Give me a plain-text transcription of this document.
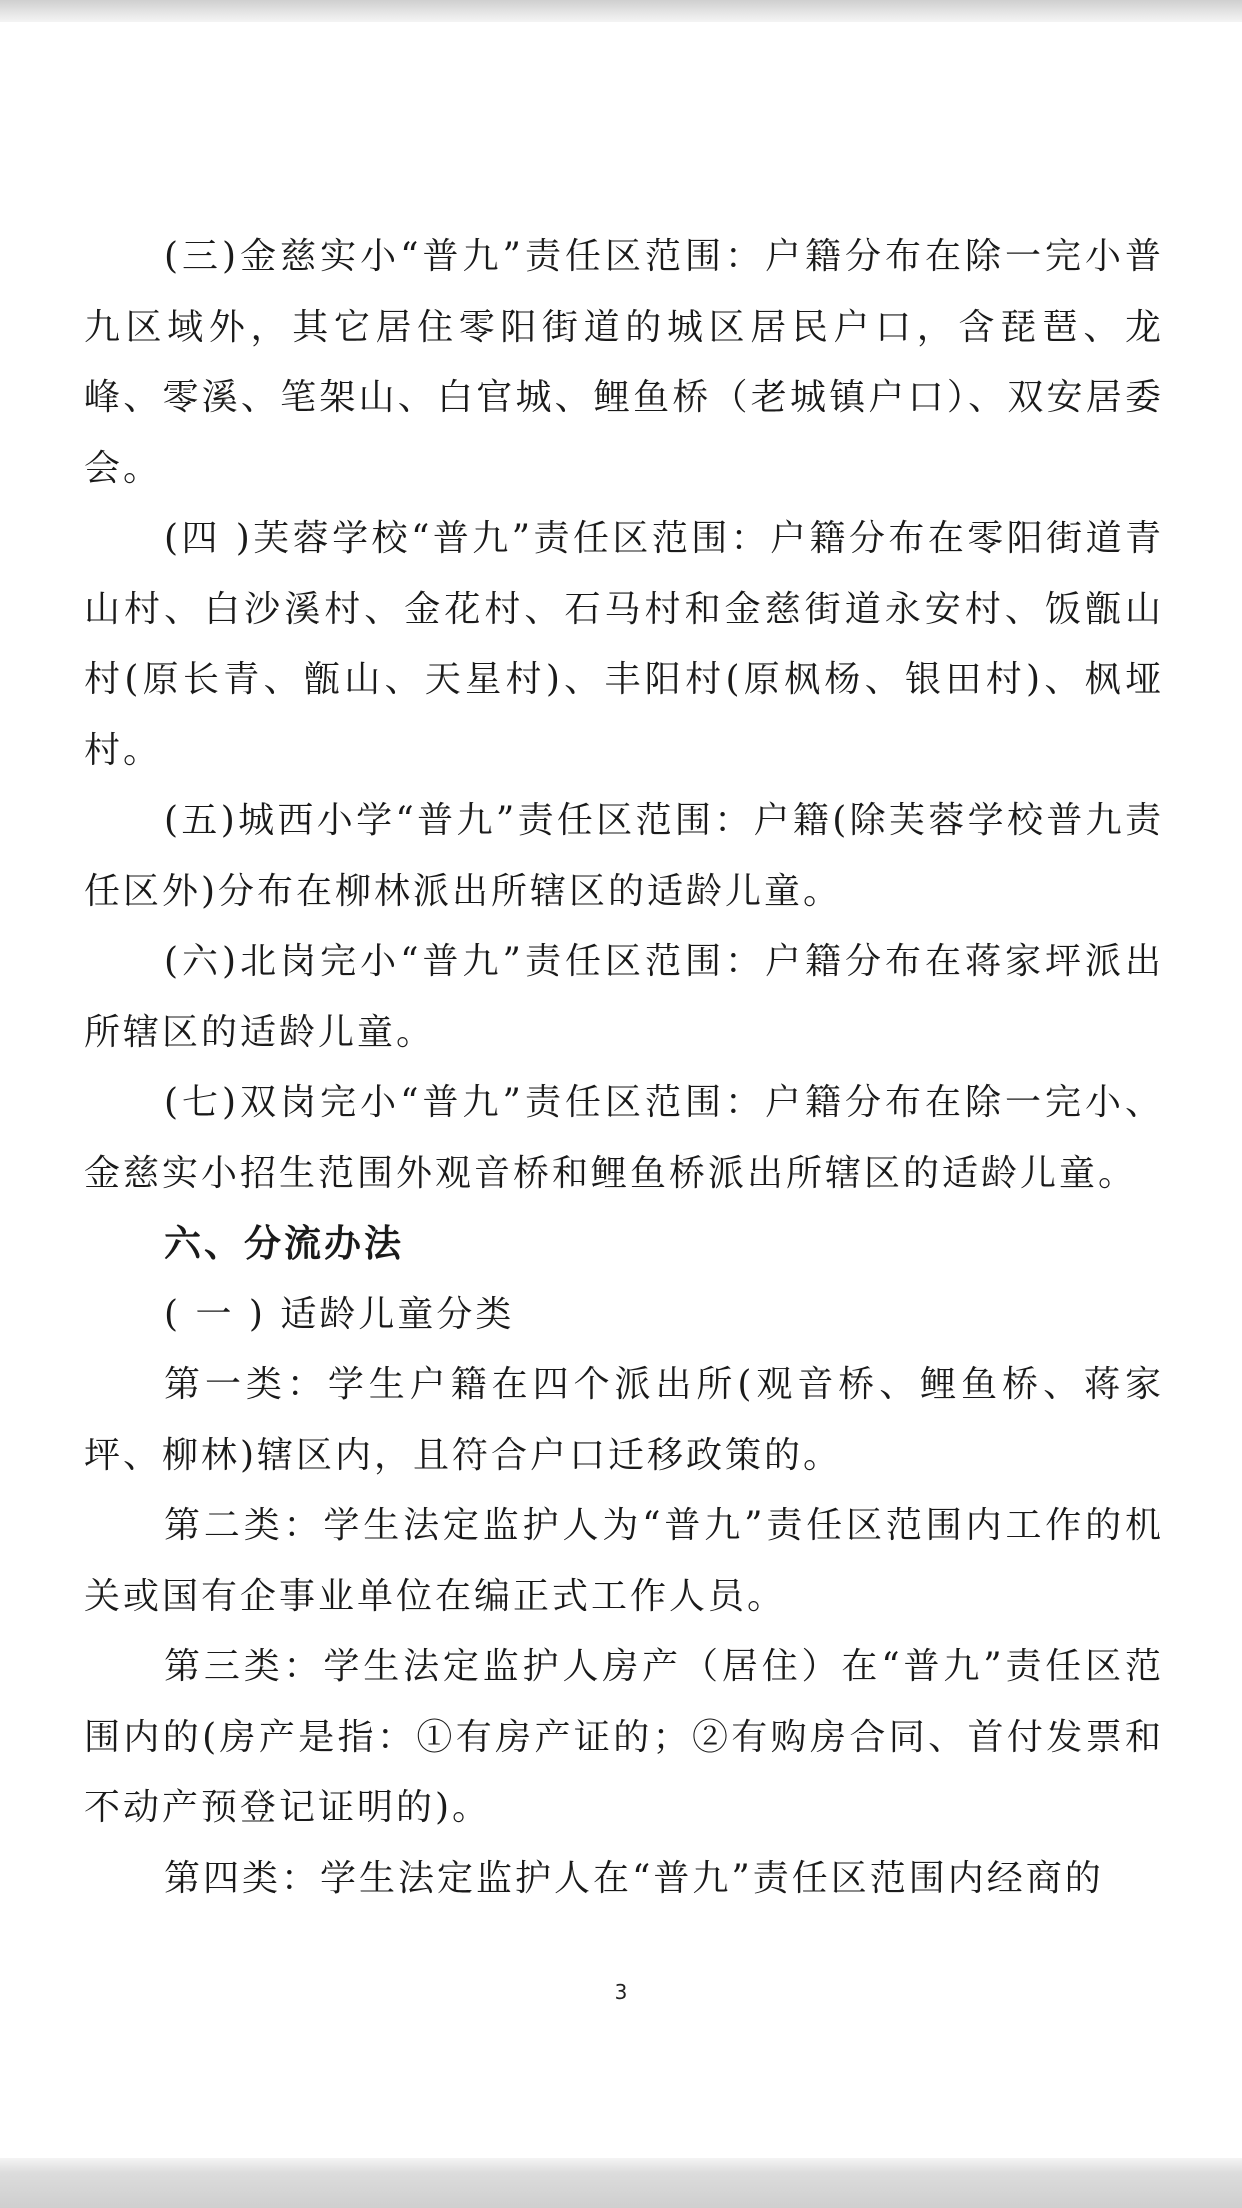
(三)金慈实小“普九”责任区范围：户籍分布在除一完小普九区域外，其它居住零阳街道的城区居民户口，含琵琶、龙峰、零溪、笔架山、白官城、鲤鱼桥（老城镇户口）、双安居委会。

(四 )芙蓉学校“普九”责任区范围：户籍分布在零阳街道青山村、白沙溪村、金花村、石马村和金慈街道永安村、饭甑山村(原长青、甑山、天星村)、丰阳村(原枫杨、银田村)、枫垭村。

(五)城西小学“普九”责任区范围：户籍(除芙蓉学校普九责任区外)分布在柳林派出所辖区的适龄儿童。

(六)北岗完小“普九”责任区范围：户籍分布在蒋家坪派出所辖区的适龄儿童。

(七)双岗完小“普九”责任区范围：户籍分布在除一完小、金慈实小招生范围外观音桥和鲤鱼桥派出所辖区的适龄儿童。

六、分流办法

( 一 ) 适龄儿童分类

第一类：学生户籍在四个派出所(观音桥、鲤鱼桥、蒋家坪、柳林)辖区内，且符合户口迁移政策的。

第二类：学生法定监护人为“普九”责任区范围内工作的机关或国有企事业单位在编正式工作人员。

第三类：学生法定监护人房产（居住）在“普九”责任区范围内的(房产是指：①有房产证的；②有购房合同、首付发票和不动产预登记证明的)。

第四类：学生法定监护人在“普九”责任区范围内经商的

3
